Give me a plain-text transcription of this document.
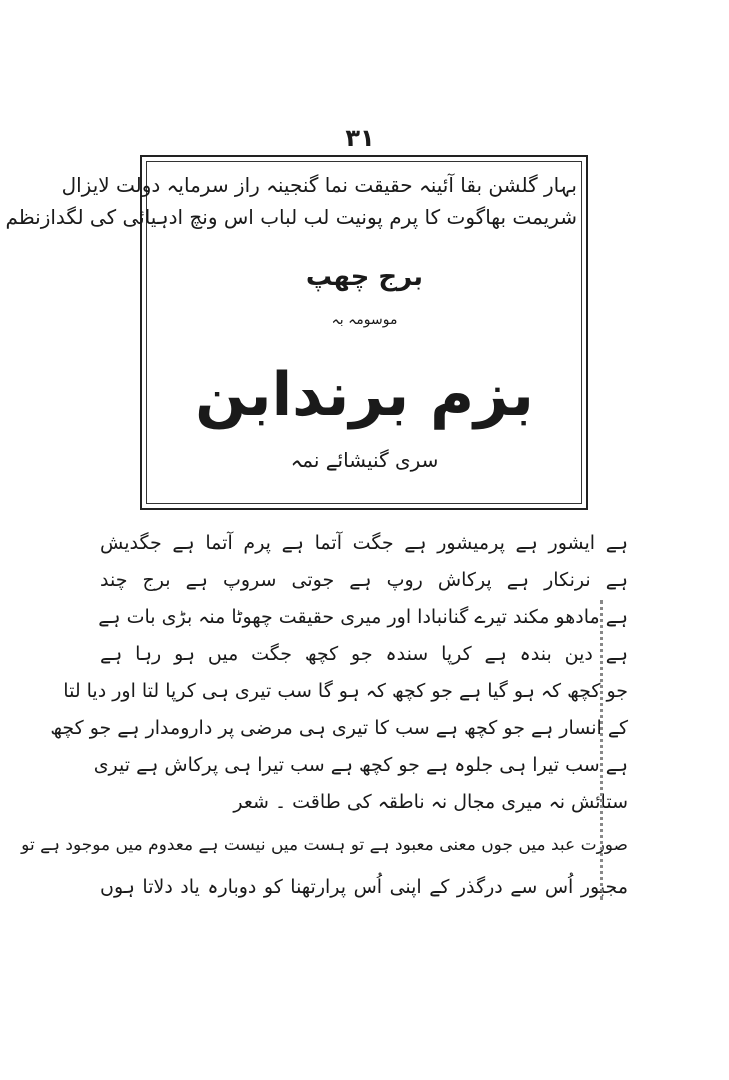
۳۱
بہار گلشن بقا آئینہ حقیقت نما گنجینہ راز سرمایہ دولت لایزال
شریمت بھاگوت کا پرم پونیت لب لباب اس ونچ ادہیائی کی لگدازنظم
برج چھپ
موسومہ بہ
بزم برندابن
سری گنیشائے نمہ
ہے ایشور ہے پرمیشور ہے جگت آتما ہے پرم آتما ہے جگدیش
ہے نرنکار ہے پرکاش روپ ہے جوتی سروپ ہے برج چند
ہے مادھو مکند تیرے گنانبادا اور میری حقیقت چھوٹا منہ بڑی بات ہے
ہے دین بندہ ہے کرپا سندہ جو کچھ جگت میں ہو رہا ہے
جو کچھ کہ ہو گیا ہے جو کچھ کہ ہو گا سب تیری ہی کرپا لتا اور دیا لتا
کے انسار ہے جو کچھ ہے سب کا تیری ہی مرضی پر دارومدار ہے جو کچھ
ہے سب تیرا ہی جلوہ ہے جو کچھ ہے سب تیرا ہی پرکاش ہے تیری
ستائش نہ میری مجال نہ ناطقہ کی طاقت ۔ شعر
صورت عبد میں جوں معنی معبود ہے تو ہست میں نیست ہے معدوم میں موجود ہے تو
مجبور اُس سے درگذر کے اپنی اُس پرارتھنا کو دوبارہ یاد دلاتا ہوں
